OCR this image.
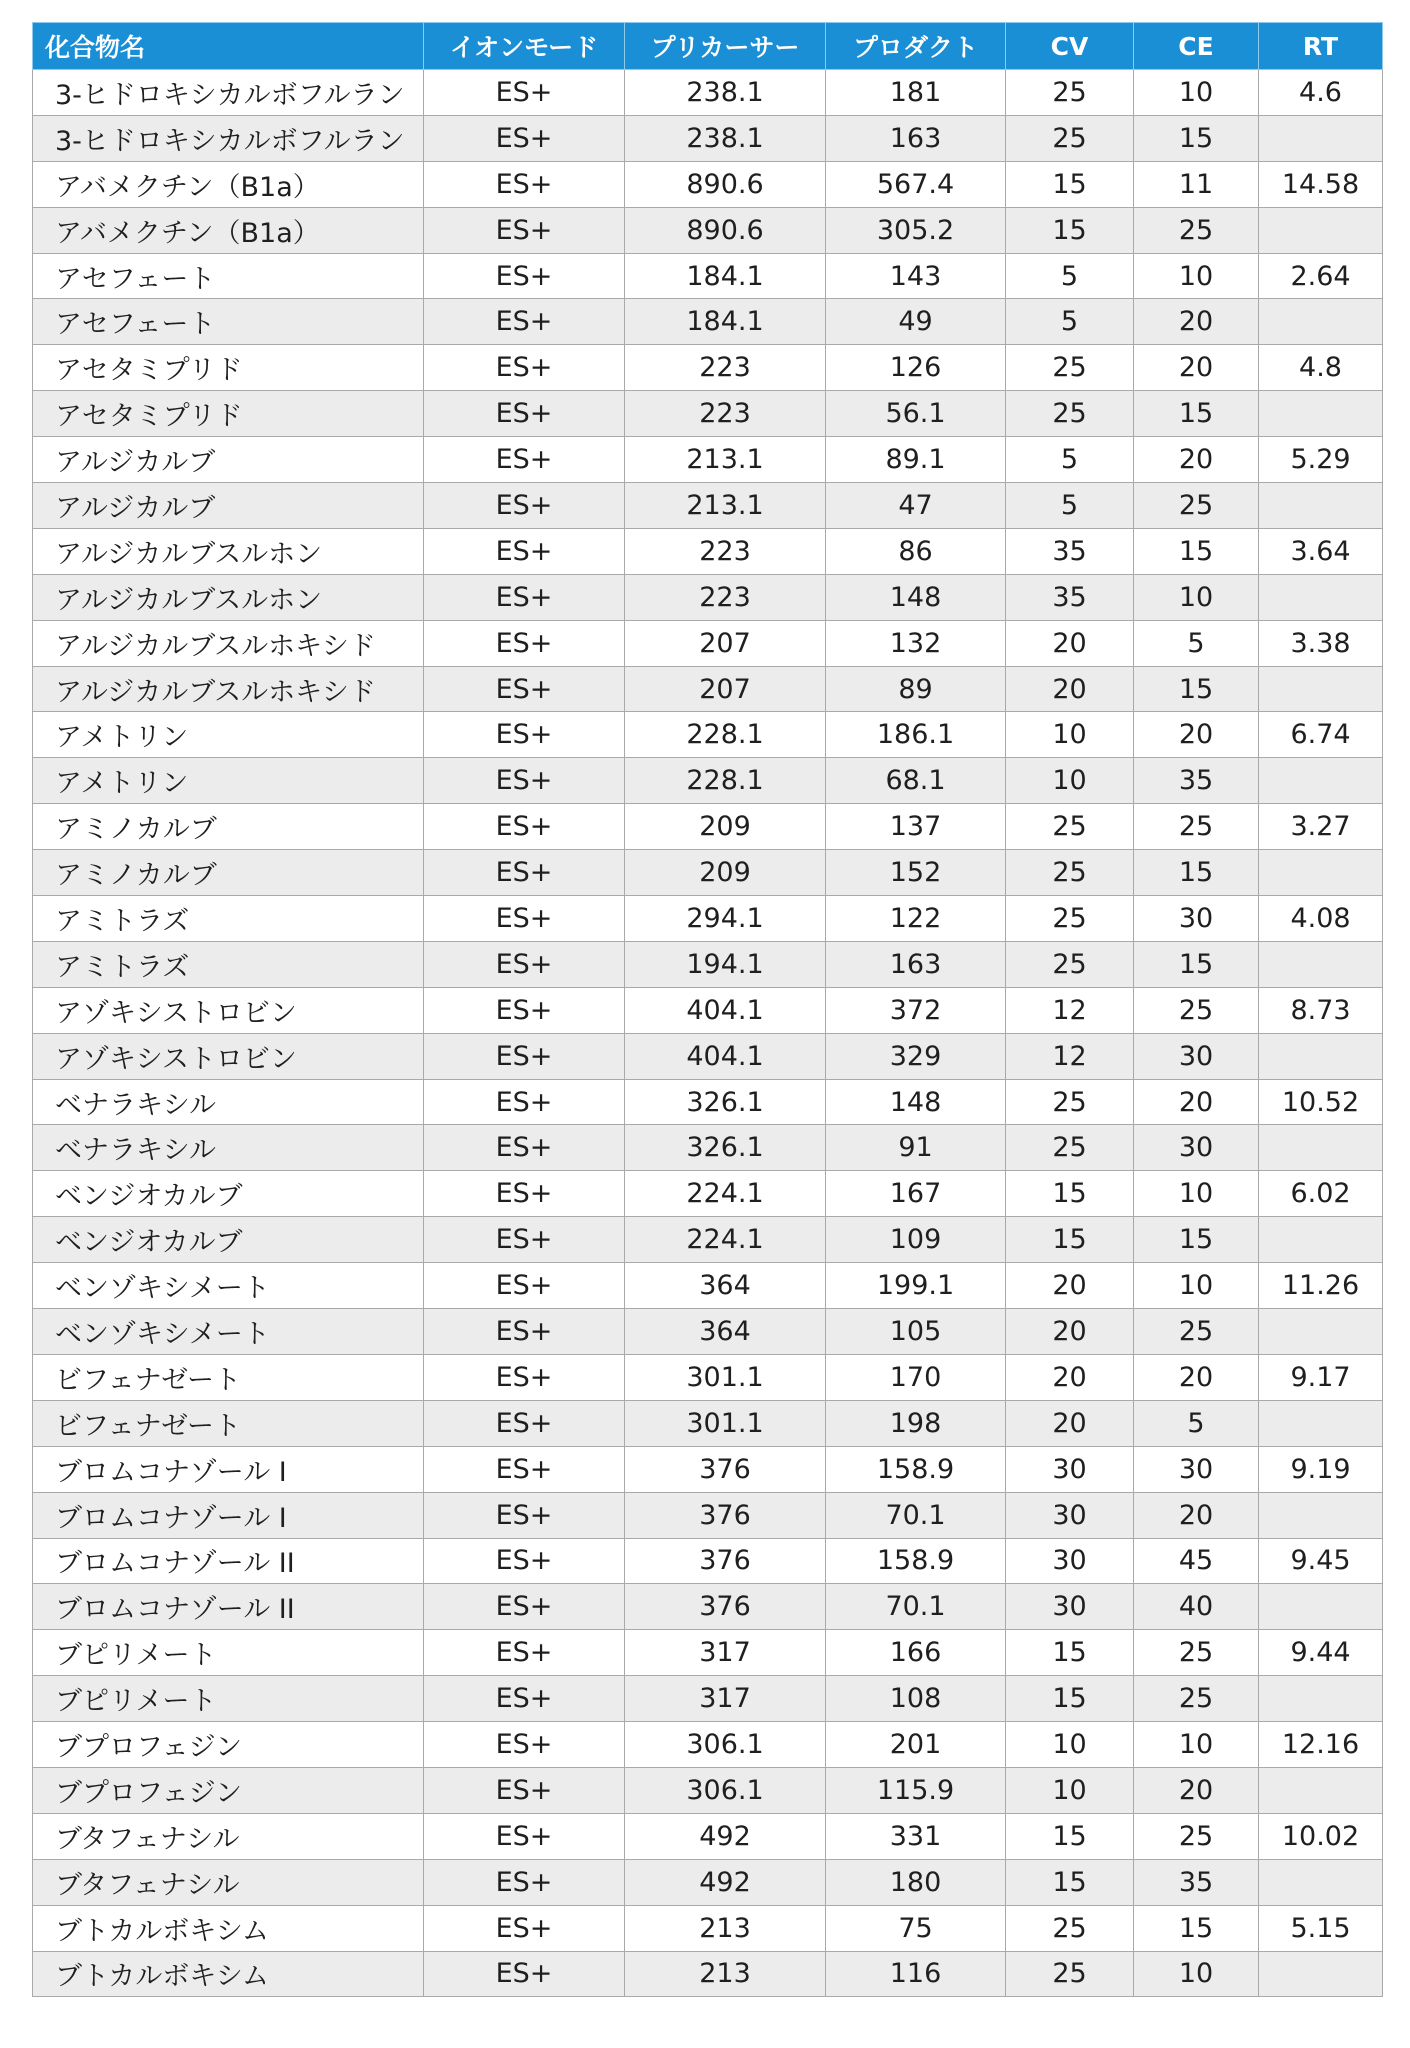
化合物名	イオンモード	プリカーサー	プロダクト	CV	CE	RT
3-ヒドロキシカルボフルラン	ES+	238.1	181	25	10	4.6
3-ヒドロキシカルボフルラン	ES+	238.1	163	25	15	
アバメクチン（B1a）	ES+	890.6	567.4	15	11	14.58
アバメクチン（B1a）	ES+	890.6	305.2	15	25	
アセフェート	ES+	184.1	143	5	10	2.64
アセフェート	ES+	184.1	49	5	20	
アセタミプリド	ES+	223	126	25	20	4.8
アセタミプリド	ES+	223	56.1	25	15	
アルジカルブ	ES+	213.1	89.1	5	20	5.29
アルジカルブ	ES+	213.1	47	5	25	
アルジカルブスルホン	ES+	223	86	35	15	3.64
アルジカルブスルホン	ES+	223	148	35	10	
アルジカルブスルホキシド	ES+	207	132	20	5	3.38
アルジカルブスルホキシド	ES+	207	89	20	15	
アメトリン	ES+	228.1	186.1	10	20	6.74
アメトリン	ES+	228.1	68.1	10	35	
アミノカルブ	ES+	209	137	25	25	3.27
アミノカルブ	ES+	209	152	25	15	
アミトラズ	ES+	294.1	122	25	30	4.08
アミトラズ	ES+	194.1	163	25	15	
アゾキシストロビン	ES+	404.1	372	12	25	8.73
アゾキシストロビン	ES+	404.1	329	12	30	
ベナラキシル	ES+	326.1	148	25	20	10.52
ベナラキシル	ES+	326.1	91	25	30	
ベンジオカルブ	ES+	224.1	167	15	10	6.02
ベンジオカルブ	ES+	224.1	109	15	15	
ベンゾキシメート	ES+	364	199.1	20	10	11.26
ベンゾキシメート	ES+	364	105	20	25	
ビフェナゼート	ES+	301.1	170	20	20	9.17
ビフェナゼート	ES+	301.1	198	20	5	
ブロムコナゾール I	ES+	376	158.9	30	30	9.19
ブロムコナゾール I	ES+	376	70.1	30	20	
ブロムコナゾール II	ES+	376	158.9	30	45	9.45
ブロムコナゾール II	ES+	376	70.1	30	40	
ブピリメート	ES+	317	166	15	25	9.44
ブピリメート	ES+	317	108	15	25	
ブプロフェジン	ES+	306.1	201	10	10	12.16
ブプロフェジン	ES+	306.1	115.9	10	20	
ブタフェナシル	ES+	492	331	15	25	10.02
ブタフェナシル	ES+	492	180	15	35	
ブトカルボキシム	ES+	213	75	25	15	5.15
ブトカルボキシム	ES+	213	116	25	10	
